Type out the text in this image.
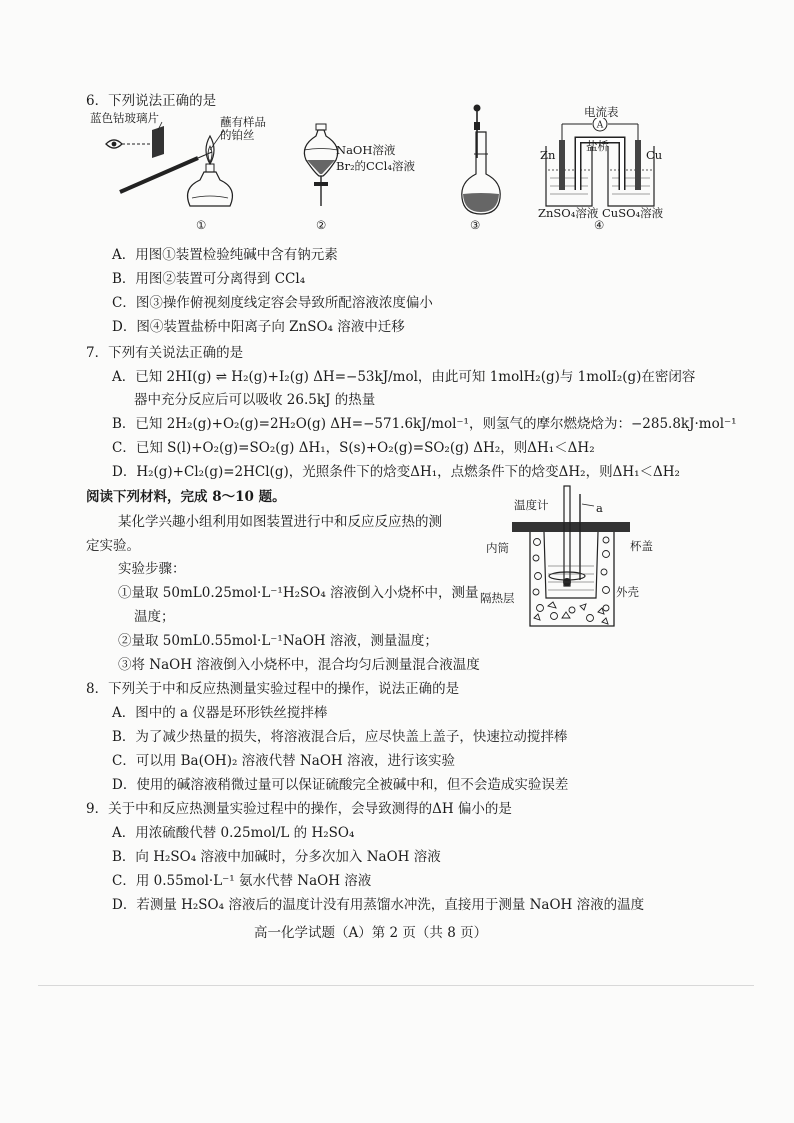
6．下列说法正确的是
蓝色钴玻璃片	蘸有样品
的铂丝
①
NaOH溶液
Br₂的CCl₄溶液
②	③
A
电流表
盐桥
Zn	Cu
ZnSO₄溶液 CuSO₄溶液
④
A．用图①装置检验纯碱中含有钠元素
B．用图②装置可分离得到 CCl₄
C．图③操作俯视刻度线定容会导致所配溶液浓度偏小
D．图④装置盐桥中阳离子向 ZnSO₄ 溶液中迁移
7．下列有关说法正确的是
A．已知 2HI(g) ⇌ H₂(g)+I₂(g) ΔH=−53kJ/mol，由此可知 1molH₂(g)与 1molI₂(g)在密闭容
器中充分反应后可以吸收 26.5kJ 的热量
B．已知 2H₂(g)+O₂(g)=2H₂O(g) ΔH=−571.6kJ/mol⁻¹，则氢气的摩尔燃烧焓为：−285.8kJ·mol⁻¹
C．已知 S(l)+O₂(g)=SO₂(g) ΔH₁，S(s)+O₂(g)=SO₂(g) ΔH₂，则ΔH₁＜ΔH₂
D．H₂(g)+Cl₂(g)=2HCl(g)，光照条件下的焓变ΔH₁，点燃条件下的焓变ΔH₂，则ΔH₁＜ΔH₂
阅读下列材料，完成 8～10 题。
某化学兴趣小组利用如图装置进行中和反应反应热的测
定实验。
实验步骤：
①量取 50mL0.25mol·L⁻¹H₂SO₄ 溶液倒入小烧杯中，测量
温度；
②量取 50mL0.55mol·L⁻¹NaOH 溶液，测量温度；
③将 NaOH 溶液倒入小烧杯中，混合均匀后测量混合液温度
温度计	a
杯盖
内筒
隔热层	外壳
8．下列关于中和反应热测量实验过程中的操作，说法正确的是
A．图中的 a 仪器是环形铁丝搅拌棒
B．为了减少热量的损失，将溶液混合后，应尽快盖上盖子，快速拉动搅拌棒
C．可以用 Ba(OH)₂ 溶液代替 NaOH 溶液，进行该实验
D．使用的碱溶液稍微过量可以保证硫酸完全被碱中和，但不会造成实验误差
9．关于中和反应热测量实验过程中的操作，会导致测得的ΔH 偏小的是
A．用浓硫酸代替 0.25mol/L 的 H₂SO₄
B．向 H₂SO₄ 溶液中加碱时，分多次加入 NaOH 溶液
C．用 0.55mol·L⁻¹ 氨水代替 NaOH 溶液
D．若测量 H₂SO₄ 溶液后的温度计没有用蒸馏水冲洗，直接用于测量 NaOH 溶液的温度
高一化学试题（A）第 2 页（共 8 页）
